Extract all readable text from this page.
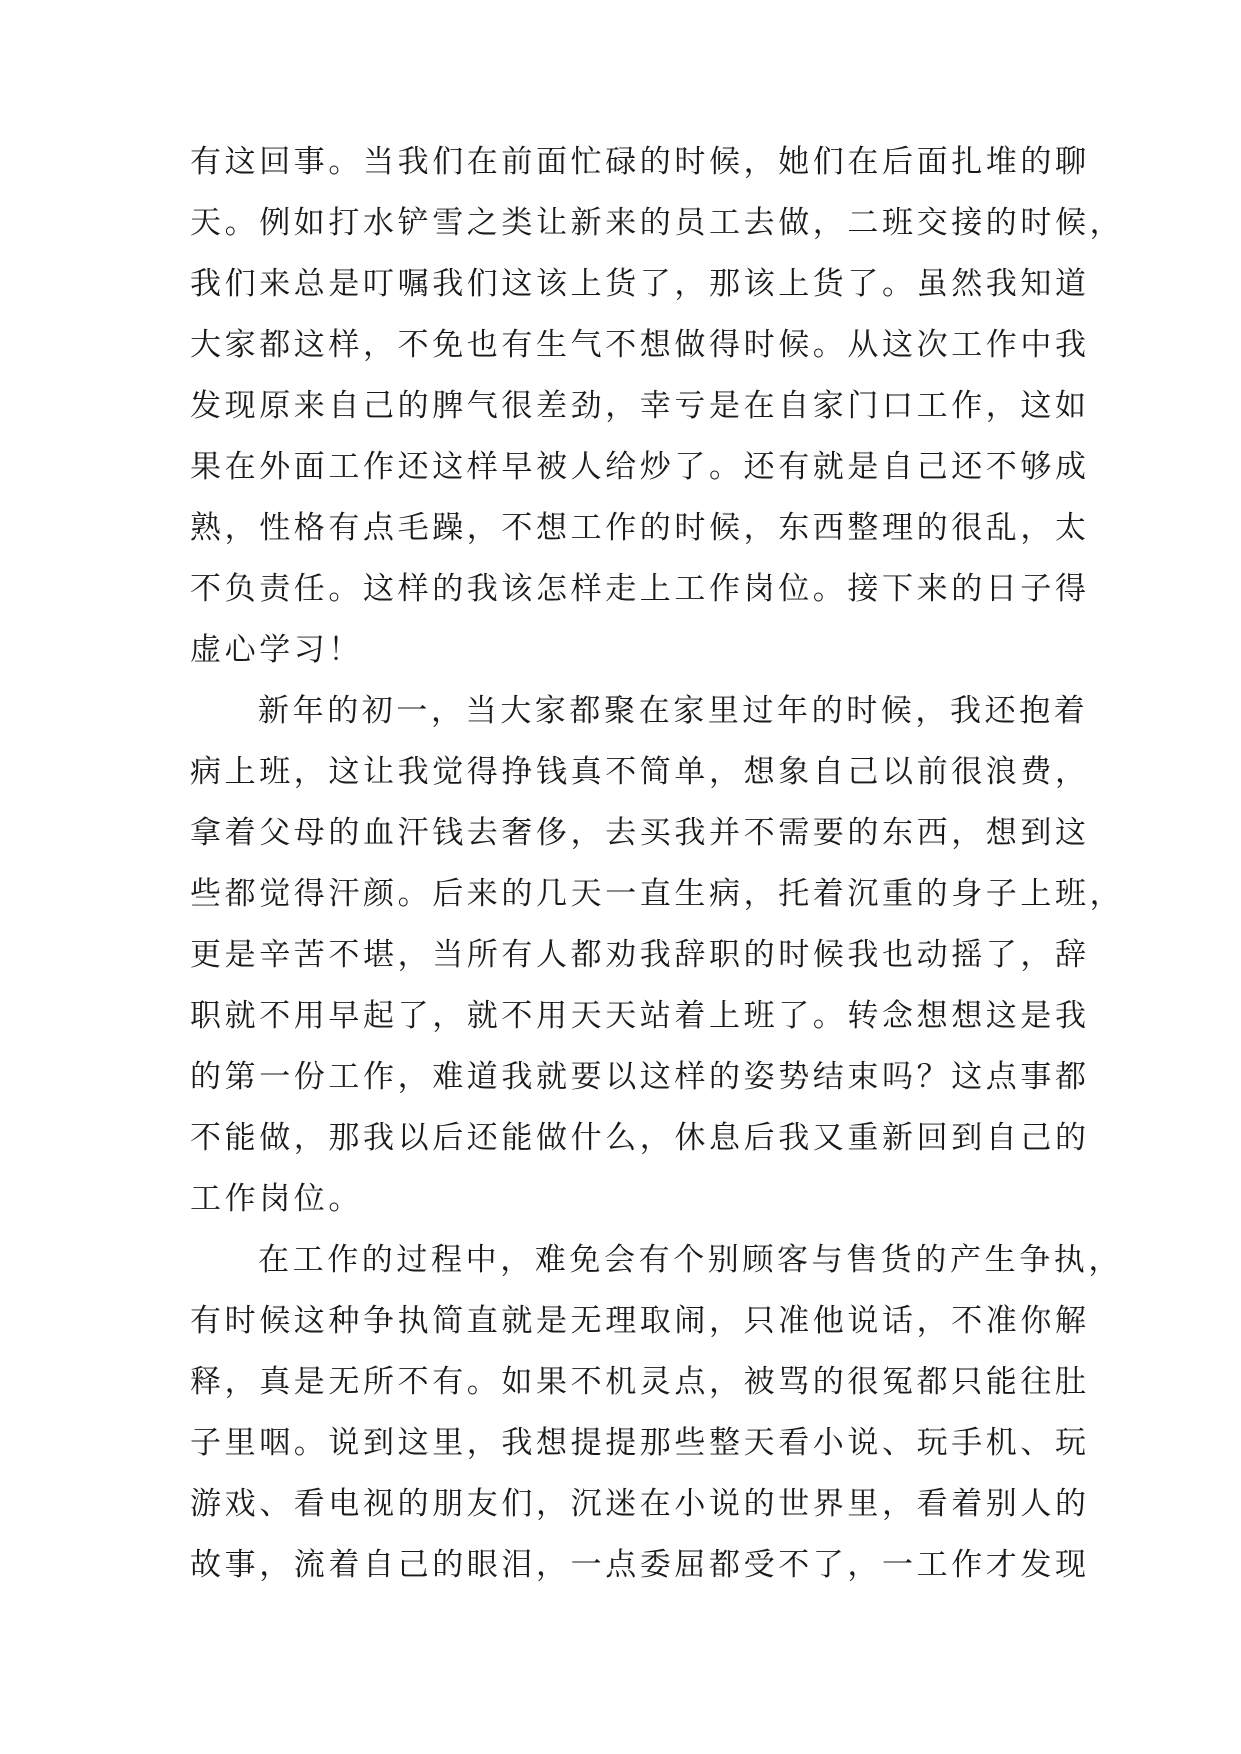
有这回事。当我们在前面忙碌的时候，她们在后面扎堆的聊
天。例如打水铲雪之类让新来的员工去做，二班交接的时候，
我们来总是叮嘱我们这该上货了，那该上货了。虽然我知道
大家都这样，不免也有生气不想做得时候。从这次工作中我
发现原来自己的脾气很差劲，幸亏是在自家门口工作，这如
果在外面工作还这样早被人给炒了。还有就是自己还不够成
熟，性格有点毛躁，不想工作的时候，东西整理的很乱，太
不负责任。这样的我该怎样走上工作岗位。接下来的日子得
虚心学习！
新年的初一，当大家都聚在家里过年的时候，我还抱着
病上班，这让我觉得挣钱真不简单，想象自己以前很浪费，
拿着父母的血汗钱去奢侈，去买我并不需要的东西，想到这
些都觉得汗颜。后来的几天一直生病，托着沉重的身子上班，
更是辛苦不堪，当所有人都劝我辞职的时候我也动摇了，辞
职就不用早起了，就不用天天站着上班了。转念想想这是我
的第一份工作，难道我就要以这样的姿势结束吗？这点事都
不能做，那我以后还能做什么，休息后我又重新回到自己的
工作岗位。
在工作的过程中，难免会有个别顾客与售货的产生争执，
有时候这种争执简直就是无理取闹，只准他说话，不准你解
释，真是无所不有。如果不机灵点，被骂的很冤都只能往肚
子里咽。说到这里，我想提提那些整天看小说、玩手机、玩
游戏、看电视的朋友们，沉迷在小说的世界里，看着别人的
故事，流着自己的眼泪，一点委屈都受不了，一工作才发现
